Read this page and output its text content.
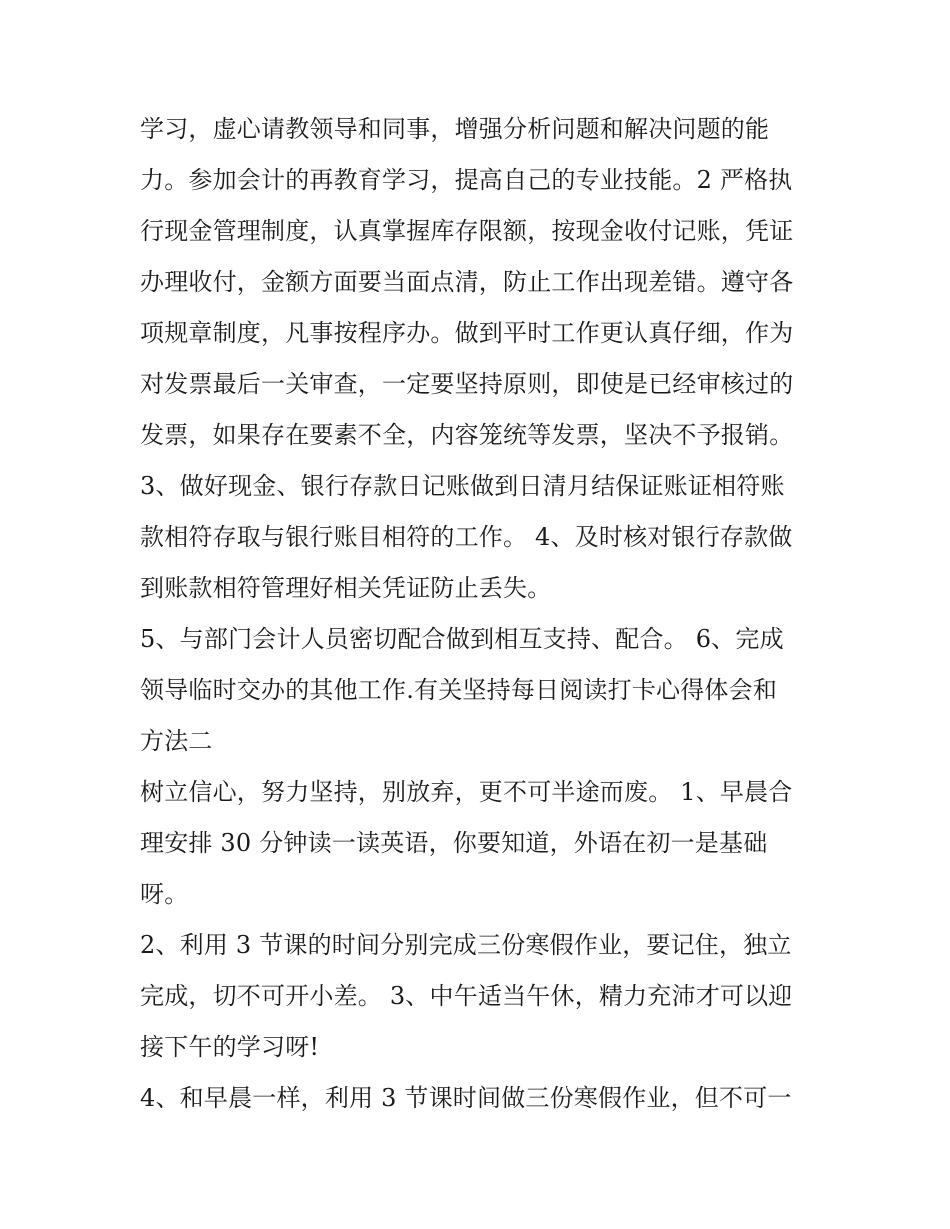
学习，虚心请教领导和同事，增强分析问题和解决问题的能
力。参加会计的再教育学习，提高自己的专业技能。2 严格执
行现金管理制度，认真掌握库存限额，按现金收付记账，凭证
办理收付，金额方面要当面点清，防止工作出现差错。遵守各
项规章制度，凡事按程序办。做到平时工作更认真仔细，作为
对发票最后一关审查，一定要坚持原则，即使是已经审核过的
发票，如果存在要素不全，内容笼统等发票，坚决不予报销。
3、做好现金、银行存款日记账做到日清月结保证账证相符账
款相符存取与银行账目相符的工作。 4、及时核对银行存款做
到账款相符管理好相关凭证防止丢失。
5、与部门会计人员密切配合做到相互支持、配合。 6、完成
领导临时交办的其他工作.有关坚持每日阅读打卡心得体会和
方法二
树立信心，努力坚持，别放弃，更不可半途而废。 1、早晨合
理安排 30 分钟读一读英语，你要知道，外语在初一是基础
呀。
2、利用 3 节课的时间分别完成三份寒假作业，要记住，独立
完成，切不可开小差。 3、中午适当午休，精力充沛才可以迎
接下午的学习呀!
4、和早晨一样，利用 3 节课时间做三份寒假作业，但不可一
